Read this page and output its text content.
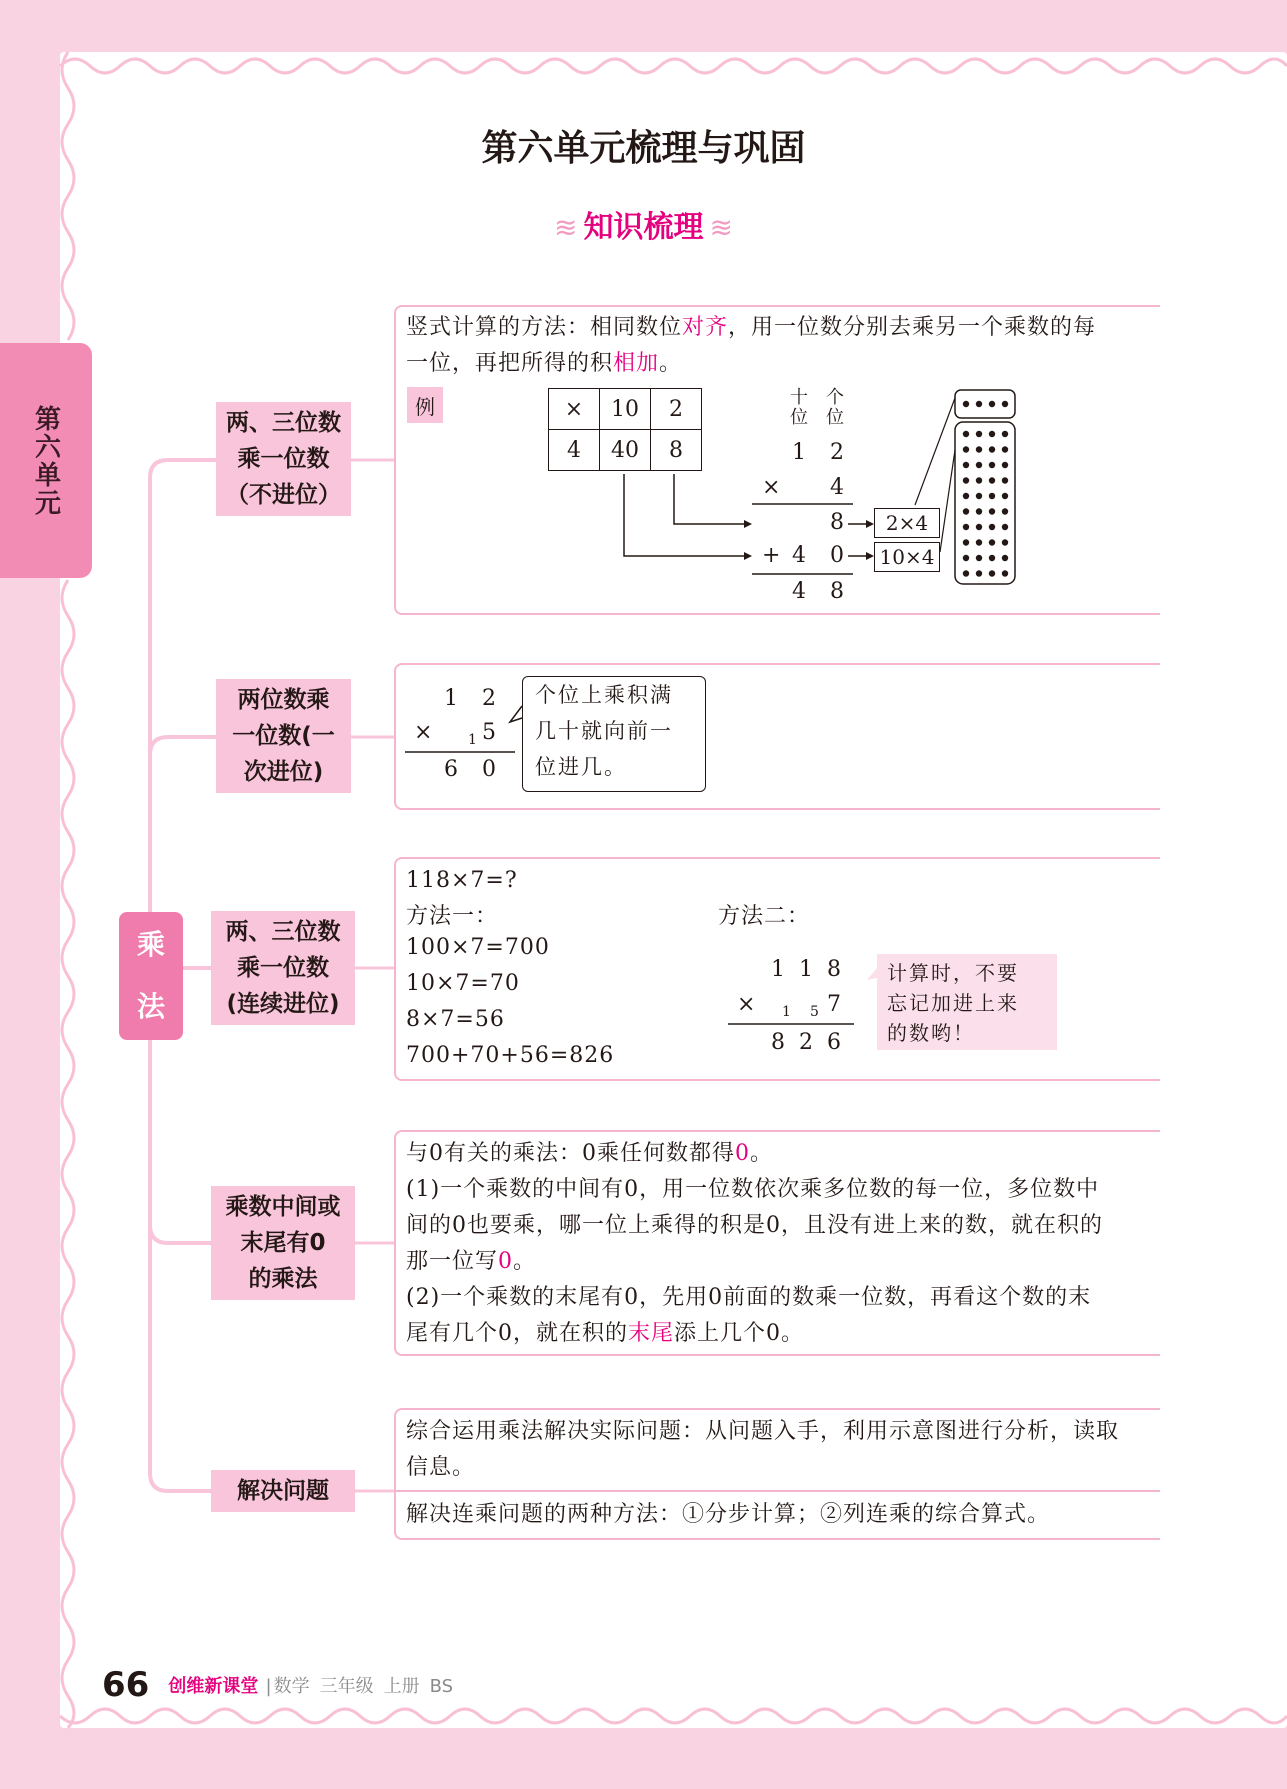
第六单元
第六单元梳理与巩固
≋ 知识梳理 ≋
乘
法
两、三位数
乘一位数
（不进位）
两位数乘
一位数(一
次进位)
两、三位数
乘一位数
(连续进位)
乘数中间或
末尾有0
的乘法
解决问题
竖式计算的方法：相同数位对齐，用一位数分别去乘另一个乘数的每
一位，再把所得的积相加。
例	×	10	2
4	40	8
十位
个位
1 2
× 4
8
+ 4 0
4 8
2×4
10×4
1 2
×	1 5
6 0
个位上乘积满
几十就向前一
位进几。
118×7=?
方法一：
100×7=700
10×7=70
8×7=56
700+70+56=826
方法二：
1 1 8
× 1 5 7
8 2 6
计算时，不要
忘记加进上来
的数哟！
与0有关的乘法：0乘任何数都得0。
(1)一个乘数的中间有0，用一位数依次乘多位数的每一位，多位数中
间的0也要乘，哪一位上乘得的积是0，且没有进上来的数，就在积的
那一位写0。
(2)一个乘数的末尾有0，先用0前面的数乘一位数，再看这个数的末
尾有几个0，就在积的末尾添上几个0。
综合运用乘法解决实际问题：从问题入手，利用示意图进行分析，读取
信息。
解决连乘问题的两种方法：①分步计算；②列连乘的综合算式。
66 创维新课堂 | 数学 三年级 上册 BS
